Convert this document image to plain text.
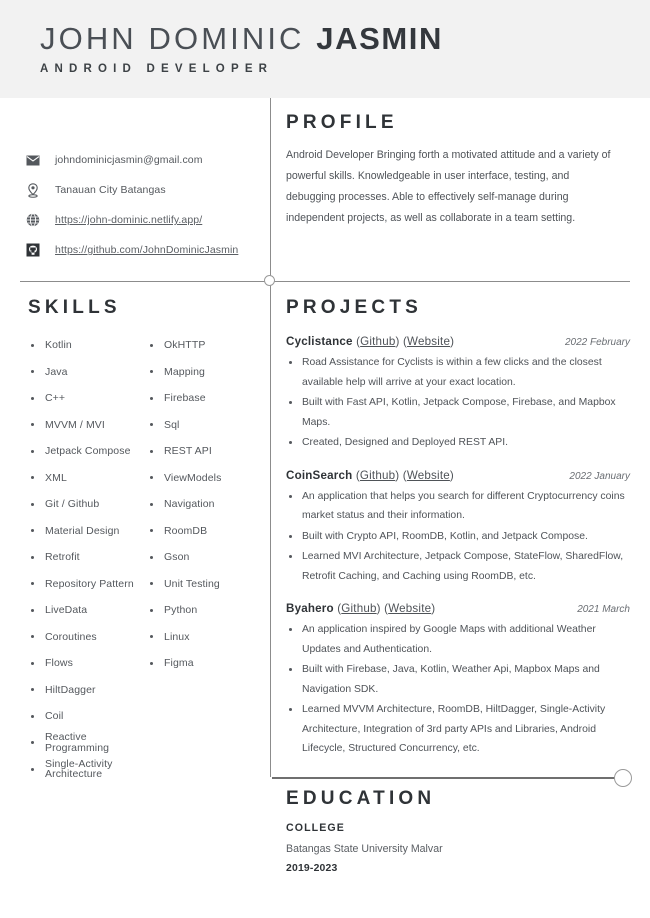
JOHN DOMINIC JASMIN
ANDROID DEVELOPER
johndominicjasmin@gmail.com
Tanauan City Batangas
https://john-dominic.netlify.app/
https://github.com/JohnDominicJasmin
SKILLS
Kotlin
Java
C++
MVVM / MVI
Jetpack Compose
XML
Git / Github
Material Design
Retrofit
Repository Pattern
LiveData
Coroutines
Flows
HiltDagger
Coil
Reactive Programming
Single-Activity Architecture
OkHTTP
Mapping
Firebase
Sql
REST API
ViewModels
Navigation
RoomDB
Gson
Unit Testing
Python
Linux
Figma
PROFILE
Android Developer Bringing forth a motivated attitude and a variety of powerful skills. Knowledgeable in user interface, testing, and debugging processes. Able to effectively self-manage during independent projects, as well as collaborate in a team setting.
PROJECTS
Cyclistance (Github) (Website)	2022 February
Road Assistance for Cyclists is within a few clicks and the closest available help will arrive at your exact location.
Built with Fast API, Kotlin, Jetpack Compose, Firebase, and Mapbox Maps.
Created, Designed and Deployed REST API.
CoinSearch (Github) (Website)	2022 January
An application that helps you search for different Cryptocurrency coins market status and their information.
Built with Crypto API, RoomDB, Kotlin, and Jetpack Compose.
Learned MVI Architecture, Jetpack Compose, StateFlow, SharedFlow, Retrofit Caching, and Caching using RoomDB, etc.
Byahero (Github) (Website)	2021 March
An application inspired by Google Maps with additional Weather Updates and Authentication.
Built with Firebase, Java, Kotlin, Weather Api, Mapbox Maps and Navigation SDK.
Learned MVVM Architecture, RoomDB, HiltDagger, Single-Activity Architecture, Integration of 3rd party APIs and Libraries, Android Lifecycle, Structured Concurrency, etc.
EDUCATION
COLLEGE
Batangas State University Malvar
2019-2023
